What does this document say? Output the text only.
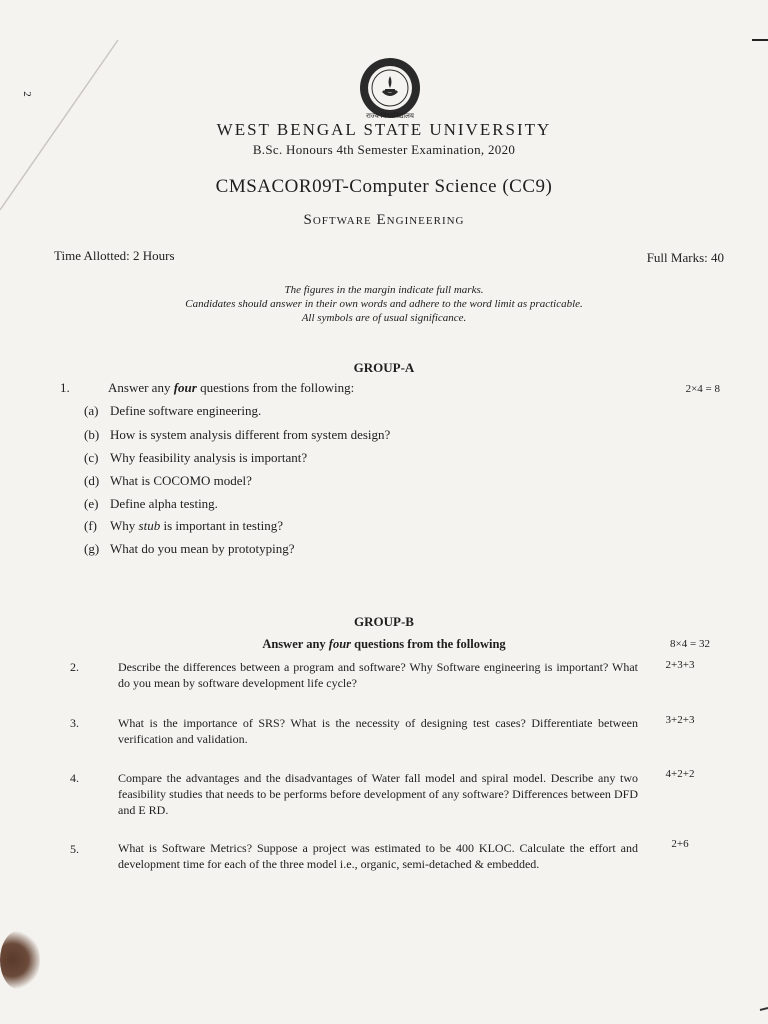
2
राज्य विश्वविद्यालय
WEST BENGAL STATE UNIVERSITY
B.Sc. Honours 4th Semester Examination, 2020
CMSACOR09T-Computer Science (CC9)
Software Engineering
Time Allotted: 2 Hours	Full Marks: 40
The figures in the margin indicate full marks.
Candidates should answer in their own words and adhere to the word limit as practicable.
All symbols are of usual significance.
GROUP-A
1.	Answer any four questions from the following:	2×4 = 8
(a) Define software engineering.
(b) How is system analysis different from system design?
(c) Why feasibility analysis is important?
(d) What is COCOMO model?
(e) Define alpha testing.
(f) Why stub is important in testing?
(g) What do you mean by prototyping?
GROUP-B
Answer any four questions from the following	8×4 = 32
2.	Describe the differences between a program and software? Why Software engineering is important? What do you mean by software development life cycle?
2+3+3
3.	What is the importance of SRS? What is the necessity of designing test cases? Differentiate between verification and validation.
3+2+3
4.	Compare the advantages and the disadvantages of Water fall model and spiral model. Describe any two feasibility studies that needs to be performs before development of any software? Differences between DFD and E RD.
4+2+2
5.	What is Software Metrics? Suppose a project was estimated to be 400 KLOC. Calculate the effort and development time for each of the three model i.e., organic, semi-detached & embedded.
2+6
